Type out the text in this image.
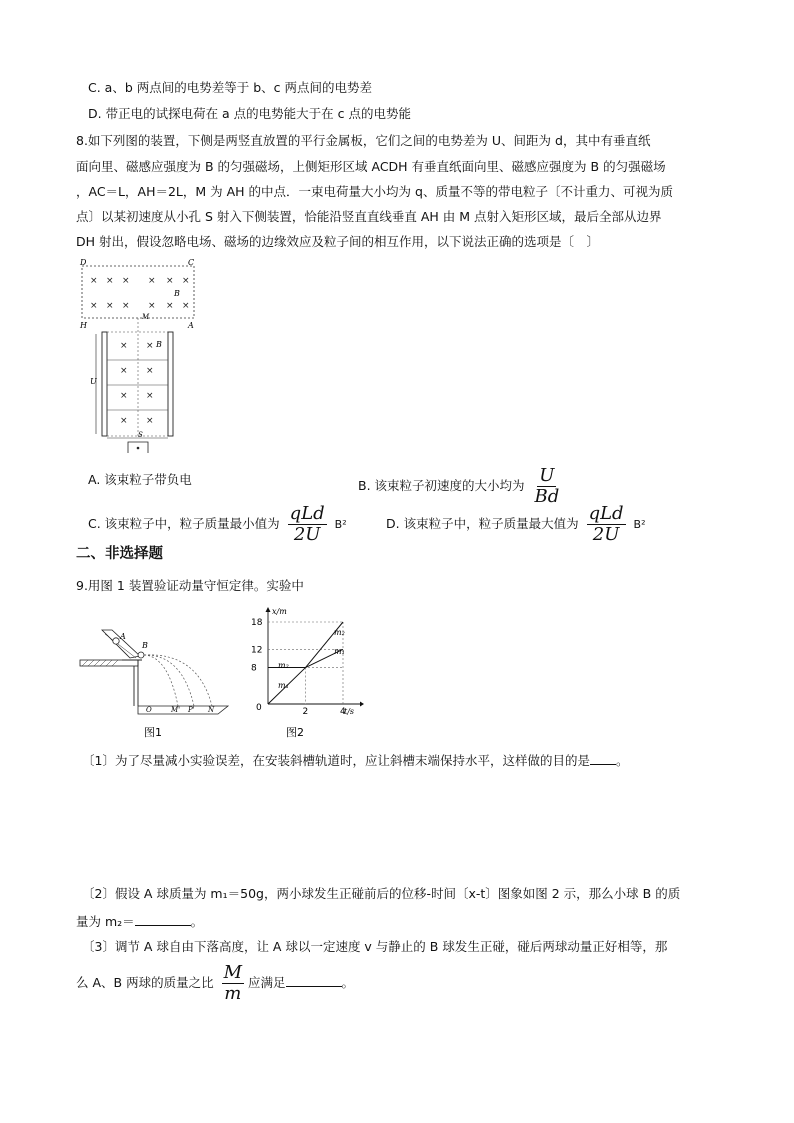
C. a、b 两点间的电势差等于 b、c 两点间的电势差
D. 带正电的试探电荷在 a 点的电势能大于在 c 点的电势能
8.如下列图的装置，下侧是两竖直放置的平行金属板，它们之间的电势差为 U、间距为 d，其中有垂直纸
面向里、磁感应强度为 B 的匀强磁场，上侧矩形区域 ACDH 有垂直纸面向里、磁感应强度为 B 的匀强磁场
，AC＝L，AH＝2L，M 为 AH 的中点．一束电荷量大小均为 q、质量不等的带电粒子〔不计重力、可视为质
点〕以某初速度从小孔 S 射入下侧装置，恰能沿竖直直线垂直 AH 由 M 点射入矩形区域，最后全部从边界
DH 射出，假设忽略电场、磁场的边缘效应及粒子间的相互作用，以下说法正确的选项是〔　〕
D	C
H	A
M
B
× × × × × ×
× × × × × ×
× ×
× ×
× ×
× ×
B
U
S
A. 该束粒子带负电	B. 该束粒子初速度的大小均为 $\frac{U}{Bd}$
C. 该束粒子中，粒子质量最小值为 $\frac{\text{qLd}}{2U} B^2$	D. 该束粒子中，粒子质量最大值为 $\frac{\text{qLd}}{2U} B^2$
二、非选择题
9.用图 1 装置验证动量守恒定律。实验中
A
B
O	M' P' N
图1
x/m
t/s
0
18
12
8
2	4
m₂
m₁
m₂
m₁
图2
〔1〕为了尽量减小实验误差，在安装斜槽轨道时，应让斜槽末端保持水平，这样做的目的是 。
〔2〕假设 A 球质量为 m₁＝50g，两小球发生正碰前后的位移-时间〔x-t〕图象如图 2 示，那么小球 B 的质
量为 m₂＝	。
〔3〕调节 A 球自由下落高度，让 A 球以一定速度 v 与静止的 B 球发生正碰，碰后两球动量正好相等，那
么 A、B 两球的质量之比 $\frac{M}{m}$ 应满足	。
